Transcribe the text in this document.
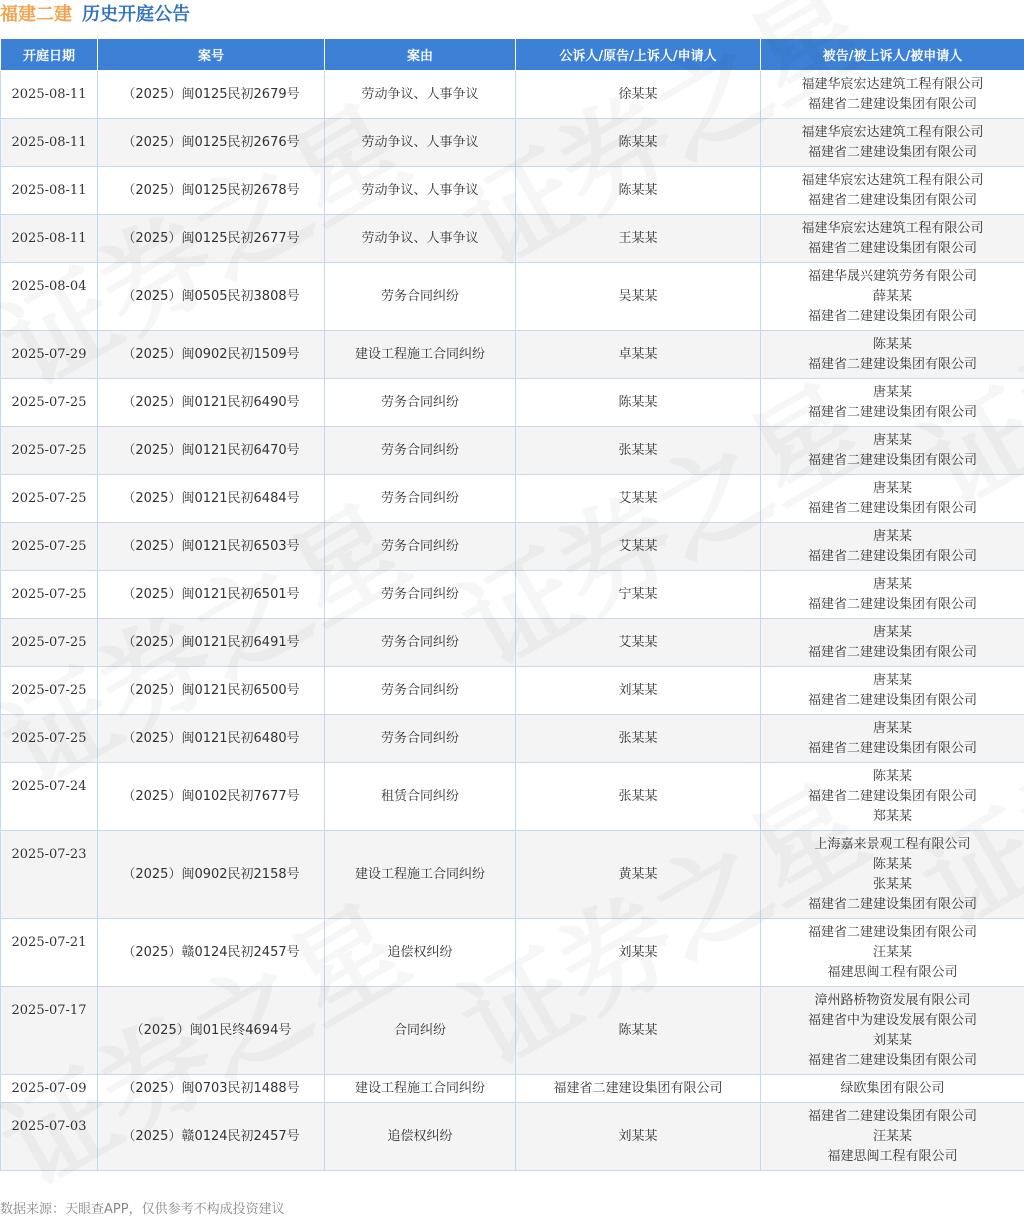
福建二建 历史开庭公告
开庭日期	案号	案由	公诉人/原告/上诉人/申请人	被告/被上诉人/被申请人
2025-08-11	（2025）闽0125民初2679号	劳动争议、人事争议	徐某某	福建华宸宏达建筑工程有限公司
福建省二建建设集团有限公司

2025-08-11	（2025）闽0125民初2676号	劳动争议、人事争议	陈某某	福建华宸宏达建筑工程有限公司
福建省二建建设集团有限公司

2025-08-11	（2025）闽0125民初2678号	劳动争议、人事争议	陈某某	福建华宸宏达建筑工程有限公司
福建省二建建设集团有限公司

2025-08-11	（2025）闽0125民初2677号	劳动争议、人事争议	王某某	福建华宸宏达建筑工程有限公司
福建省二建建设集团有限公司

2025-08-04	（2025）闽0505民初3808号	劳务合同纠纷	吴某某	福建华晟兴建筑劳务有限公司
薛某某
福建省二建建设集团有限公司

2025-07-29	（2025）闽0902民初1509号	建设工程施工合同纠纷	卓某某	陈某某
福建省二建建设集团有限公司

2025-07-25	（2025）闽0121民初6490号	劳务合同纠纷	陈某某	唐某某
福建省二建建设集团有限公司

2025-07-25	（2025）闽0121民初6470号	劳务合同纠纷	张某某	唐某某
福建省二建建设集团有限公司

2025-07-25	（2025）闽0121民初6484号	劳务合同纠纷	艾某某	唐某某
福建省二建建设集团有限公司

2025-07-25	（2025）闽0121民初6503号	劳务合同纠纷	艾某某	唐某某
福建省二建建设集团有限公司

2025-07-25	（2025）闽0121民初6501号	劳务合同纠纷	宁某某	唐某某
福建省二建建设集团有限公司

2025-07-25	（2025）闽0121民初6491号	劳务合同纠纷	艾某某	唐某某
福建省二建建设集团有限公司

2025-07-25	（2025）闽0121民初6500号	劳务合同纠纷	刘某某	唐某某
福建省二建建设集团有限公司

2025-07-25	（2025）闽0121民初6480号	劳务合同纠纷	张某某	唐某某
福建省二建建设集团有限公司

2025-07-24	（2025）闽0102民初7677号	租赁合同纠纷	张某某	陈某某
福建省二建建设集团有限公司
郑某某

2025-07-23	（2025）闽0902民初2158号	建设工程施工合同纠纷	黄某某	上海嘉来景观工程有限公司
陈某某
张某某
福建省二建建设集团有限公司

2025-07-21	（2025）赣0124民初2457号	追偿权纠纷	刘某某	福建省二建建设集团有限公司
汪某某
福建思闽工程有限公司

2025-07-17	（2025）闽01民终4694号	合同纠纷	陈某某	漳州路桥物资发展有限公司
福建省中为建设发展有限公司
刘某某
福建省二建建设集团有限公司

2025-07-09	（2025）闽0703民初1488号	建设工程施工合同纠纷	福建省二建建设集团有限公司	绿欧集团有限公司

2025-07-03	（2025）赣0124民初2457号	追偿权纠纷	刘某某	福建省二建建设集团有限公司
汪某某
福建思闽工程有限公司
数据来源：天眼查APP，仅供参考不构成投资建议
